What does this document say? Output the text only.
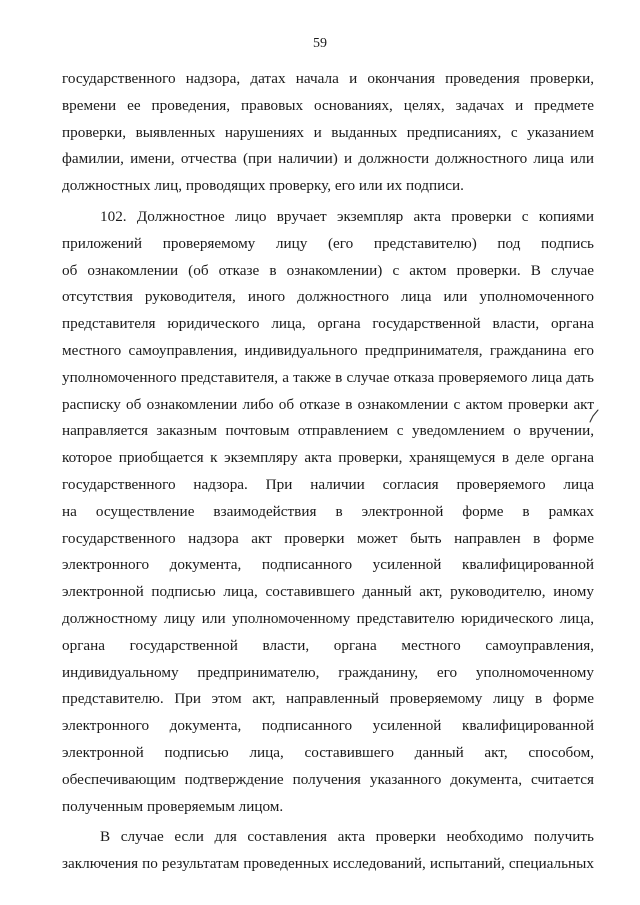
59
государственного надзора, датах начала и окончания проведения проверки,
времени ее проведения, правовых основаниях, целях, задачах и предмете
проверки, выявленных нарушениях и выданных предписаниях, с указанием
фамилии, имени, отчества (при наличии) и должности должностного лица или
должностных лиц, проводящих проверку, его или их подписи.
102. Должностное лицо вручает экземпляр акта проверки с копиями
приложений проверяемому лицу (его представителю) под подпись
об ознакомлении (об отказе в ознакомлении) с актом проверки. В случае
отсутствия руководителя, иного должностного лица или уполномоченного
представителя юридического лица, органа государственной власти, органа
местного самоуправления, индивидуального предпринимателя, гражданина его
уполномоченного представителя, а также в случае отказа проверяемого лица дать
расписку об ознакомлении либо об отказе в ознакомлении с актом проверки акт
направляется заказным почтовым отправлением с уведомлением о вручении,
которое приобщается к экземпляру акта проверки, хранящемуся в деле органа
государственного надзора. При наличии согласия проверяемого лица
на осуществление взаимодействия в электронной форме в рамках
государственного надзора акт проверки может быть направлен в форме
электронного документа, подписанного усиленной квалифицированной
электронной подписью лица, составившего данный акт, руководителю, иному
должностному лицу или уполномоченному представителю юридического лица,
органа государственной власти, органа местного самоуправления,
индивидуальному предпринимателю, гражданину, его уполномоченному
представителю. При этом акт, направленный проверяемому лицу в форме
электронного документа, подписанного усиленной квалифицированной
электронной подписью лица, составившего данный акт, способом,
обеспечивающим подтверждение получения указанного документа, считается
полученным проверяемым лицом.
В случае если для составления акта проверки необходимо получить
заключения по результатам проведенных исследований, испытаний, специальных
